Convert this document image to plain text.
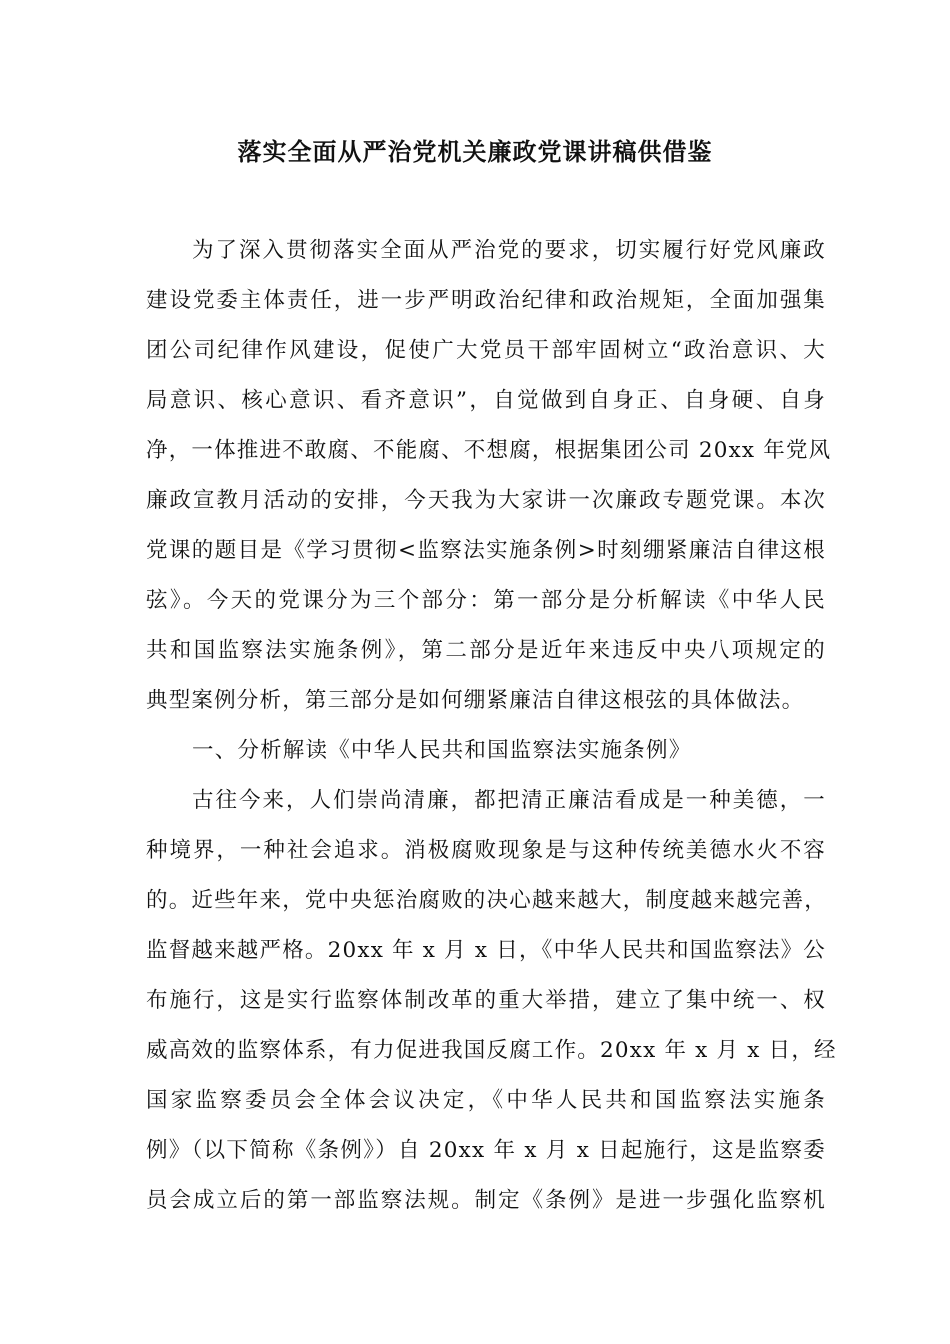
落实全面从严治党机关廉政党课讲稿供借鉴
为了深入贯彻落实全面从严治党的要求，切实履行好党风廉政
建设党委主体责任，进一步严明政治纪律和政治规矩，全面加强集
团公司纪律作风建设，促使广大党员干部牢固树立“政治意识、大
局意识、核心意识、看齐意识”，自觉做到自身正、自身硬、自身
净，一体推进不敢腐、不能腐、不想腐，根据集团公司 20xx 年党风
廉政宣教月活动的安排，今天我为大家讲一次廉政专题党课。本次
党课的题目是《学习贯彻<监察法实施条例>时刻绷紧廉洁自律这根
弦》。今天的党课分为三个部分：第一部分是分析解读《中华人民
共和国监察法实施条例》，第二部分是近年来违反中央八项规定的
典型案例分析，第三部分是如何绷紧廉洁自律这根弦的具体做法。
一、分析解读《中华人民共和国监察法实施条例》
古往今来，人们崇尚清廉，都把清正廉洁看成是一种美德，一
种境界，一种社会追求。消极腐败现象是与这种传统美德水火不容
的。近些年来，党中央惩治腐败的决心越来越大，制度越来越完善，
监督越来越严格。20xx 年 x 月 x 日，《中华人民共和国监察法》公
布施行，这是实行监察体制改革的重大举措，建立了集中统一、权
威高效的监察体系，有力促进我国反腐工作。20xx 年 x 月 x 日，经
国家监察委员会全体会议决定，《中华人民共和国监察法实施条
例》（以下简称《条例》）自 20xx 年 x 月 x 日起施行，这是监察委
员会成立后的第一部监察法规。制定《条例》是进一步强化监察机
